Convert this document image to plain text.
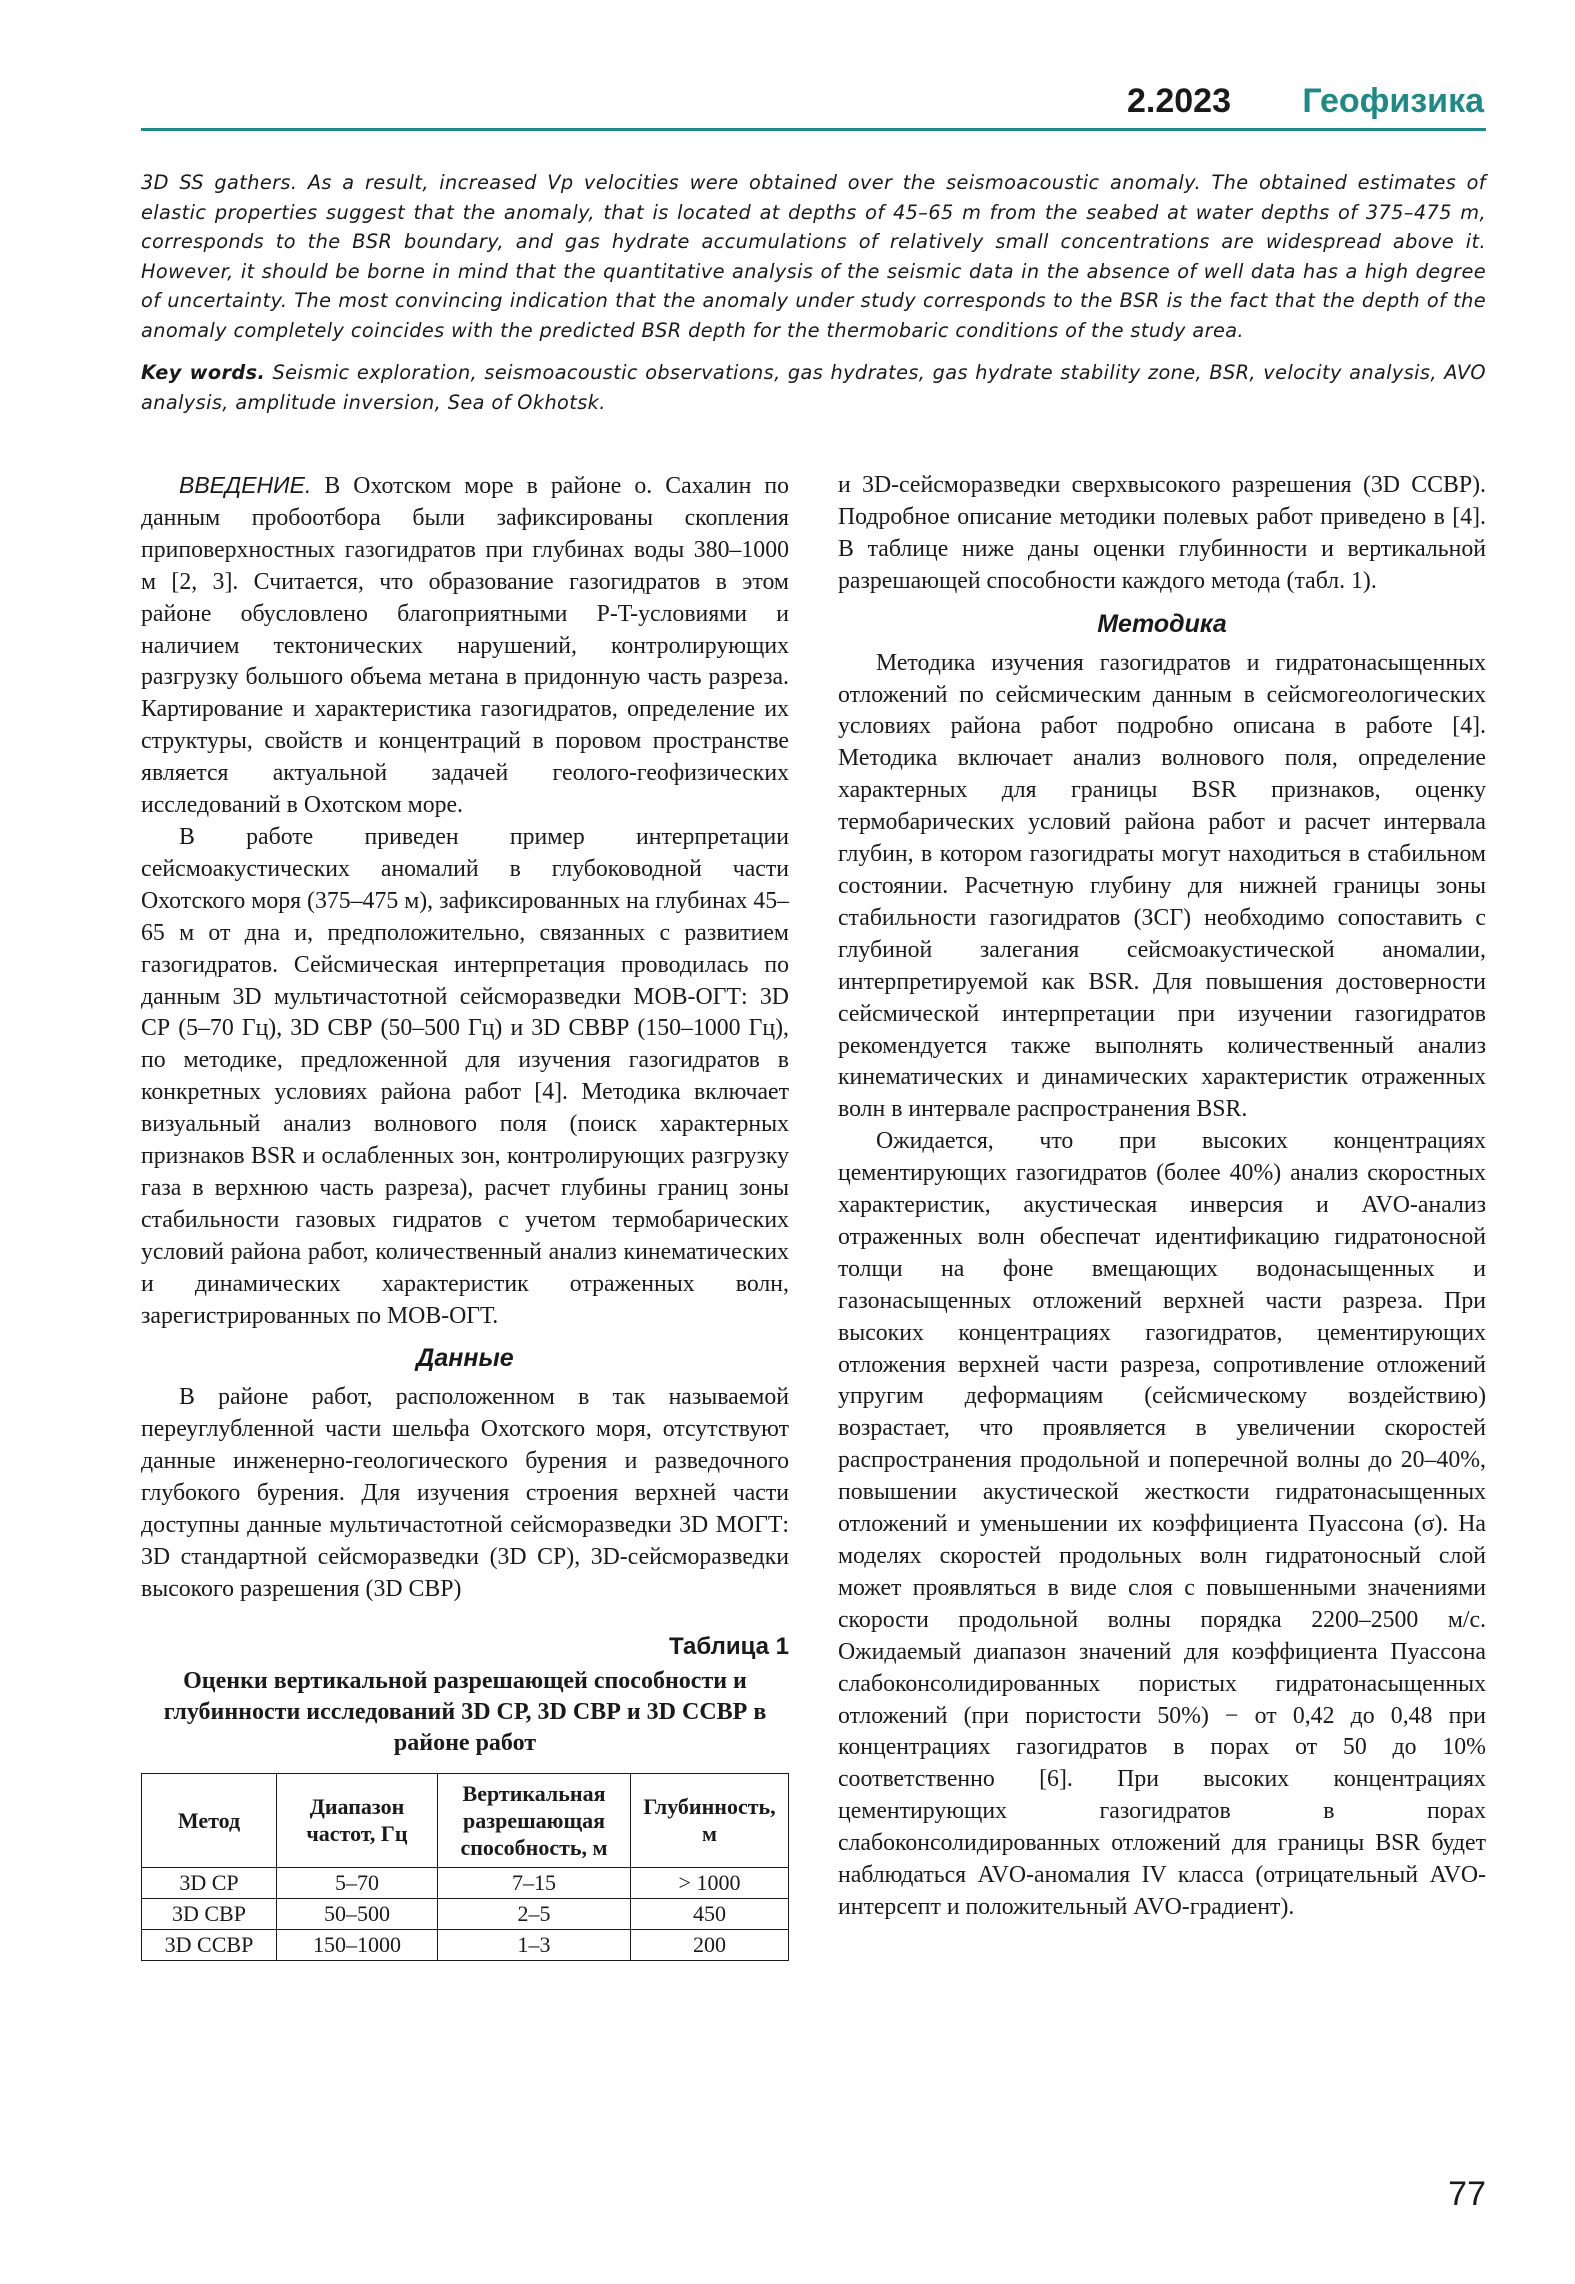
2.2023 Геофизика

3D SS gathers. As a result, increased Vp velocities were obtained over the seismoacoustic anomaly. The obtained estimates of elastic properties suggest that the anomaly, that is located at depths of 45–65 m from the seabed at water depths of 375–475 m, corresponds to the BSR boundary, and gas hydrate accumulations of relatively small concentrations are widespread above it. However, it should be borne in mind that the quantitative analysis of the seismic data in the absence of well data has a high degree of uncertainty. The most convincing indication that the anomaly under study corresponds to the BSR is the fact that the depth of the anomaly completely coincides with the predicted BSR depth for the thermobaric conditions of the study area.

Key words. Seismic exploration, seismoacoustic observations, gas hydrates, gas hydrate stability zone, BSR, velocity analysis, AVO analysis, amplitude inversion, Sea of Okhotsk.

ВВЕДЕНИЕ. В Охотском море в районе о. Сахалин по данным пробоотбора были зафиксированы скопления приповерхностных газогидратов при глубинах воды 380–1000 м [2, 3]. Считается, что образование газогидратов в этом районе обусловлено благоприятными P-T-условиями и наличием тектонических нарушений, контролирующих разгрузку большого объема метана в придонную часть разреза. Картирование и характеристика газогидратов, определение их структуры, свойств и концентраций в поровом пространстве является актуальной задачей геолого-геофизических исследований в Охотском море.

В работе приведен пример интерпретации сейсмоакустических аномалий в глубоководной части Охотского моря (375–475 м), зафиксированных на глубинах 45–65 м от дна и, предположительно, связанных с развитием газогидратов. Сейсмическая интерпретация проводилась по данным 3D мультичастотной сейсморазведки МОВ-ОГТ: 3D СР (5–70 Гц), 3D СВР (50–500 Гц) и 3D СВВР (150–1000 Гц), по методике, предложенной для изучения газогидратов в конкретных условиях района работ [4]. Методика включает визуальный анализ волнового поля (поиск характерных признаков BSR и ослабленных зон, контролирующих разгрузку газа в верхнюю часть разреза), расчет глубины границ зоны стабильности газовых гидратов с учетом термобарических условий района работ, количественный анализ кинематических и динамических характеристик отраженных волн, зарегистрированных по МОВ-ОГТ.

Данные

В районе работ, расположенном в так называемой переуглубленной части шельфа Охотского моря, отсутствуют данные инженерно-геологического бурения и разведочного глубокого бурения. Для изучения строения верхней части доступны данные мультичастотной сейсморазведки 3D МОГТ: 3D стандартной сейсморазведки (3D СР), 3D-сейсморазведки высокого разрешения (3D СВР)

Таблица 1
Оценки вертикальной разрешающей способности и глубинности исследований 3D СР, 3D СВР и 3D ССВР в районе работ
Метод	Диапазон частот, Гц	Вертикальная разрешающая способность, м	Глубинность, м
3D СР	5–70	7–15	> 1000
3D СВР	50–500	2–5	450
3D ССВР	150–1000	1–3	200

и 3D-сейсморазведки сверхвысокого разрешения (3D ССВР). Подробное описание методики полевых работ приведено в [4]. В таблице ниже даны оценки глубинности и вертикальной разрешающей способности каждого метода (табл. 1).

Методика

Методика изучения газогидратов и гидратонасыщенных отложений по сейсмическим данным в сейсмогеологических условиях района работ подробно описана в работе [4]. Методика включает анализ волнового поля, определение характерных для границы BSR признаков, оценку термобарических условий района работ и расчет интервала глубин, в котором газогидраты могут находиться в стабильном состоянии. Расчетную глубину для нижней границы зоны стабильности газогидратов (ЗСГ) необходимо сопоставить с глубиной залегания сейсмоакустической аномалии, интерпретируемой как BSR. Для повышения достоверности сейсмической интерпретации при изучении газогидратов рекомендуется также выполнять количественный анализ кинематических и динамических характеристик отраженных волн в интервале распространения BSR.

Ожидается, что при высоких концентрациях цементирующих газогидратов (более 40%) анализ скоростных характеристик, акустическая инверсия и AVO-анализ отраженных волн обеспечат идентификацию гидратоносной толщи на фоне вмещающих водонасыщенных и газонасыщенных отложений верхней части разреза. При высоких концентрациях газогидратов, цементирующих отложения верхней части разреза, сопротивление отложений упругим деформациям (сейсмическому воздействию) возрастает, что проявляется в увеличении скоростей распространения продольной и поперечной волны до 20–40%, повышении акустической жесткости гидратонасыщенных отложений и уменьшении их коэффициента Пуассона (σ). На моделях скоростей продольных волн гидратоносный слой может проявляться в виде слоя с повышенными значениями скорости продольной волны порядка 2200–2500 м/с. Ожидаемый диапазон значений для коэффициента Пуассона слабоконсолидированных пористых гидратонасыщенных отложений (при пористости 50%) − от 0,42 до 0,48 при концентрациях газогидратов в порах от 50 до 10% соответственно [6]. При высоких концентрациях цементирующих газогидратов в порах слабоконсолидированных отложений для границы BSR будет наблюдаться AVO-аномалия IV класса (отрицательный AVO-интерсепт и положительный AVO-градиент).

77
